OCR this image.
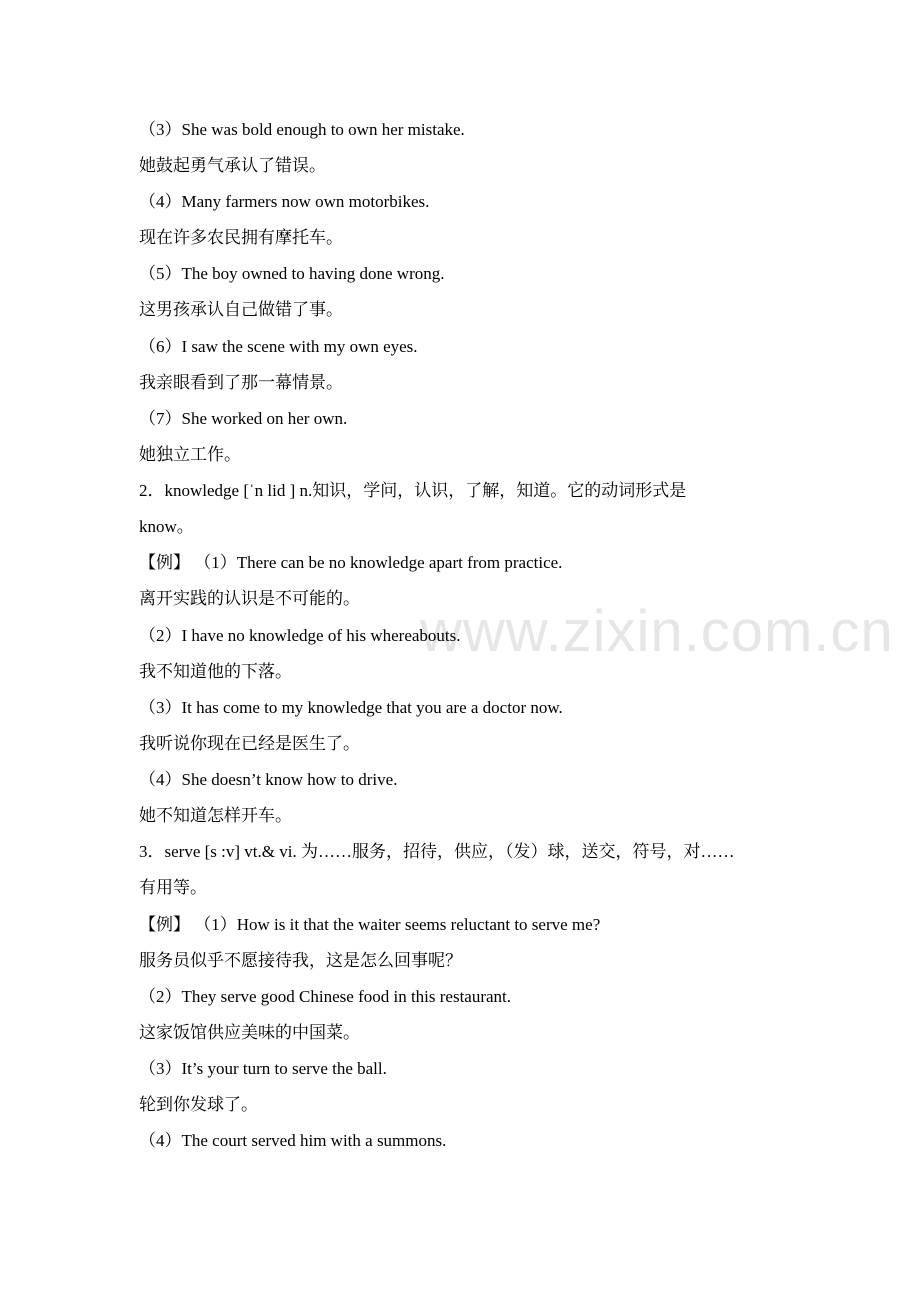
www.zixin.com.cn
（3）She was bold enough to own her mistake.
她鼓起勇气承认了错误。
（4）Many farmers now own motorbikes.
现在许多农民拥有摩托车。
（5）The boy owned to having done wrong.
这男孩承认自己做错了事。
（6）I saw the scene with my own eyes.
我亲眼看到了那一幕情景。
（7）She worked on her own.
她独立工作。
2．knowledge [ˈn lid ] n.知识，学问，认识，了解，知道。它的动词形式是
know。
【例】 （1）There can be no knowledge apart from practice.
离开实践的认识是不可能的。
（2）I have no knowledge of his whereabouts.
我不知道他的下落。
（3）It has come to my knowledge that you are a doctor now.
我听说你现在已经是医生了。
（4）She doesn’t know how to drive.
她不知道怎样开车。
3．serve [s :v] vt.& vi. 为……服务，招待，供应，（发）球，送交，符号，对……
有用等。
【例】 （1）How is it that the waiter seems reluctant to serve me?
服务员似乎不愿接待我，这是怎么回事呢？
（2）They serve good Chinese food in this restaurant.
这家饭馆供应美味的中国菜。
（3）It’s your turn to serve the ball.
轮到你发球了。
（4）The court served him with a summons.
